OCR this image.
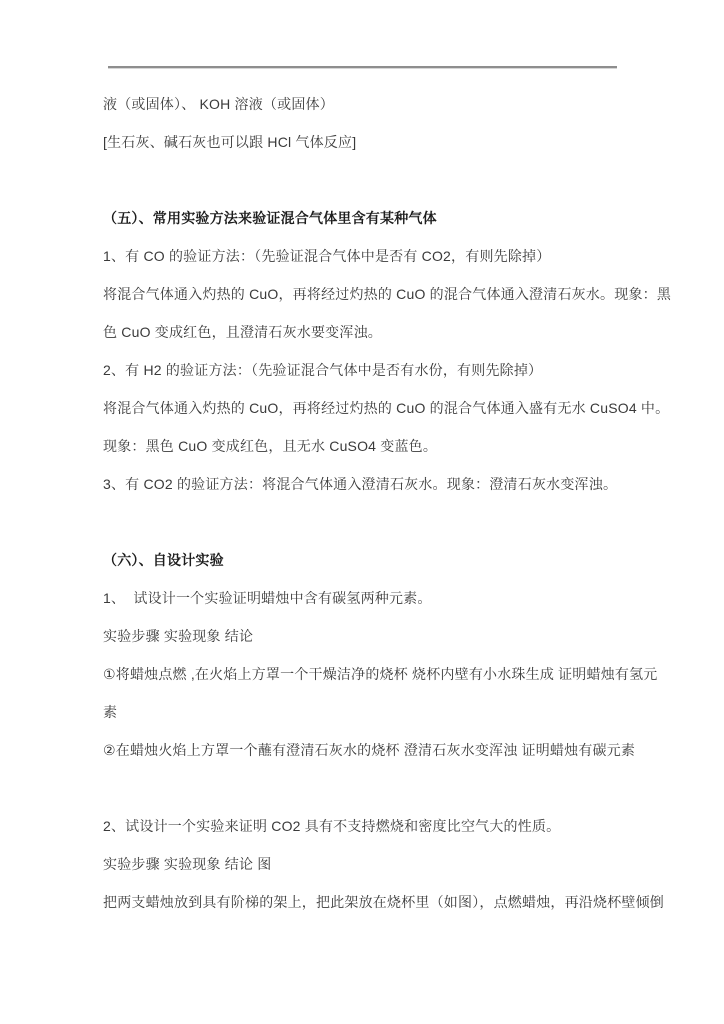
液（或固体）、 KOH 溶液（或固体）
[生石灰、碱石灰也可以跟 HCl 气体反应]
（五）、常用实验方法来验证混合气体里含有某种气体
1、有 CO 的验证方法：（先验证混合气体中是否有 CO2，有则先除掉）
将混合气体通入灼热的 CuO，再将经过灼热的 CuO 的混合气体通入澄清石灰水。现象：黑
色 CuO 变成红色，且澄清石灰水要变浑浊。
2、有 H2 的验证方法：（先验证混合气体中是否有水份，有则先除掉）
将混合气体通入灼热的 CuO，再将经过灼热的 CuO 的混合气体通入盛有无水 CuSO4 中。
现象：黑色 CuO 变成红色，且无水 CuSO4 变蓝色。
3、有 CO2 的验证方法：将混合气体通入澄清石灰水。现象：澄清石灰水变浑浊。
（六）、自设计实验
1、  试设计一个实验证明蜡烛中含有碳氢两种元素。
实验步骤 实验现象 结论
①将蜡烛点燃 ,在火焰上方罩一个干燥洁净的烧杯 烧杯内壁有小水珠生成 证明蜡烛有氢元
素
②在蜡烛火焰上方罩一个蘸有澄清石灰水的烧杯 澄清石灰水变浑浊 证明蜡烛有碳元素
2、试设计一个实验来证明 CO2 具有不支持燃烧和密度比空气大的性质。
实验步骤 实验现象 结论 图
把两支蜡烛放到具有阶梯的架上，把此架放在烧杯里（如图），点燃蜡烛，再沿烧杯壁倾倒
